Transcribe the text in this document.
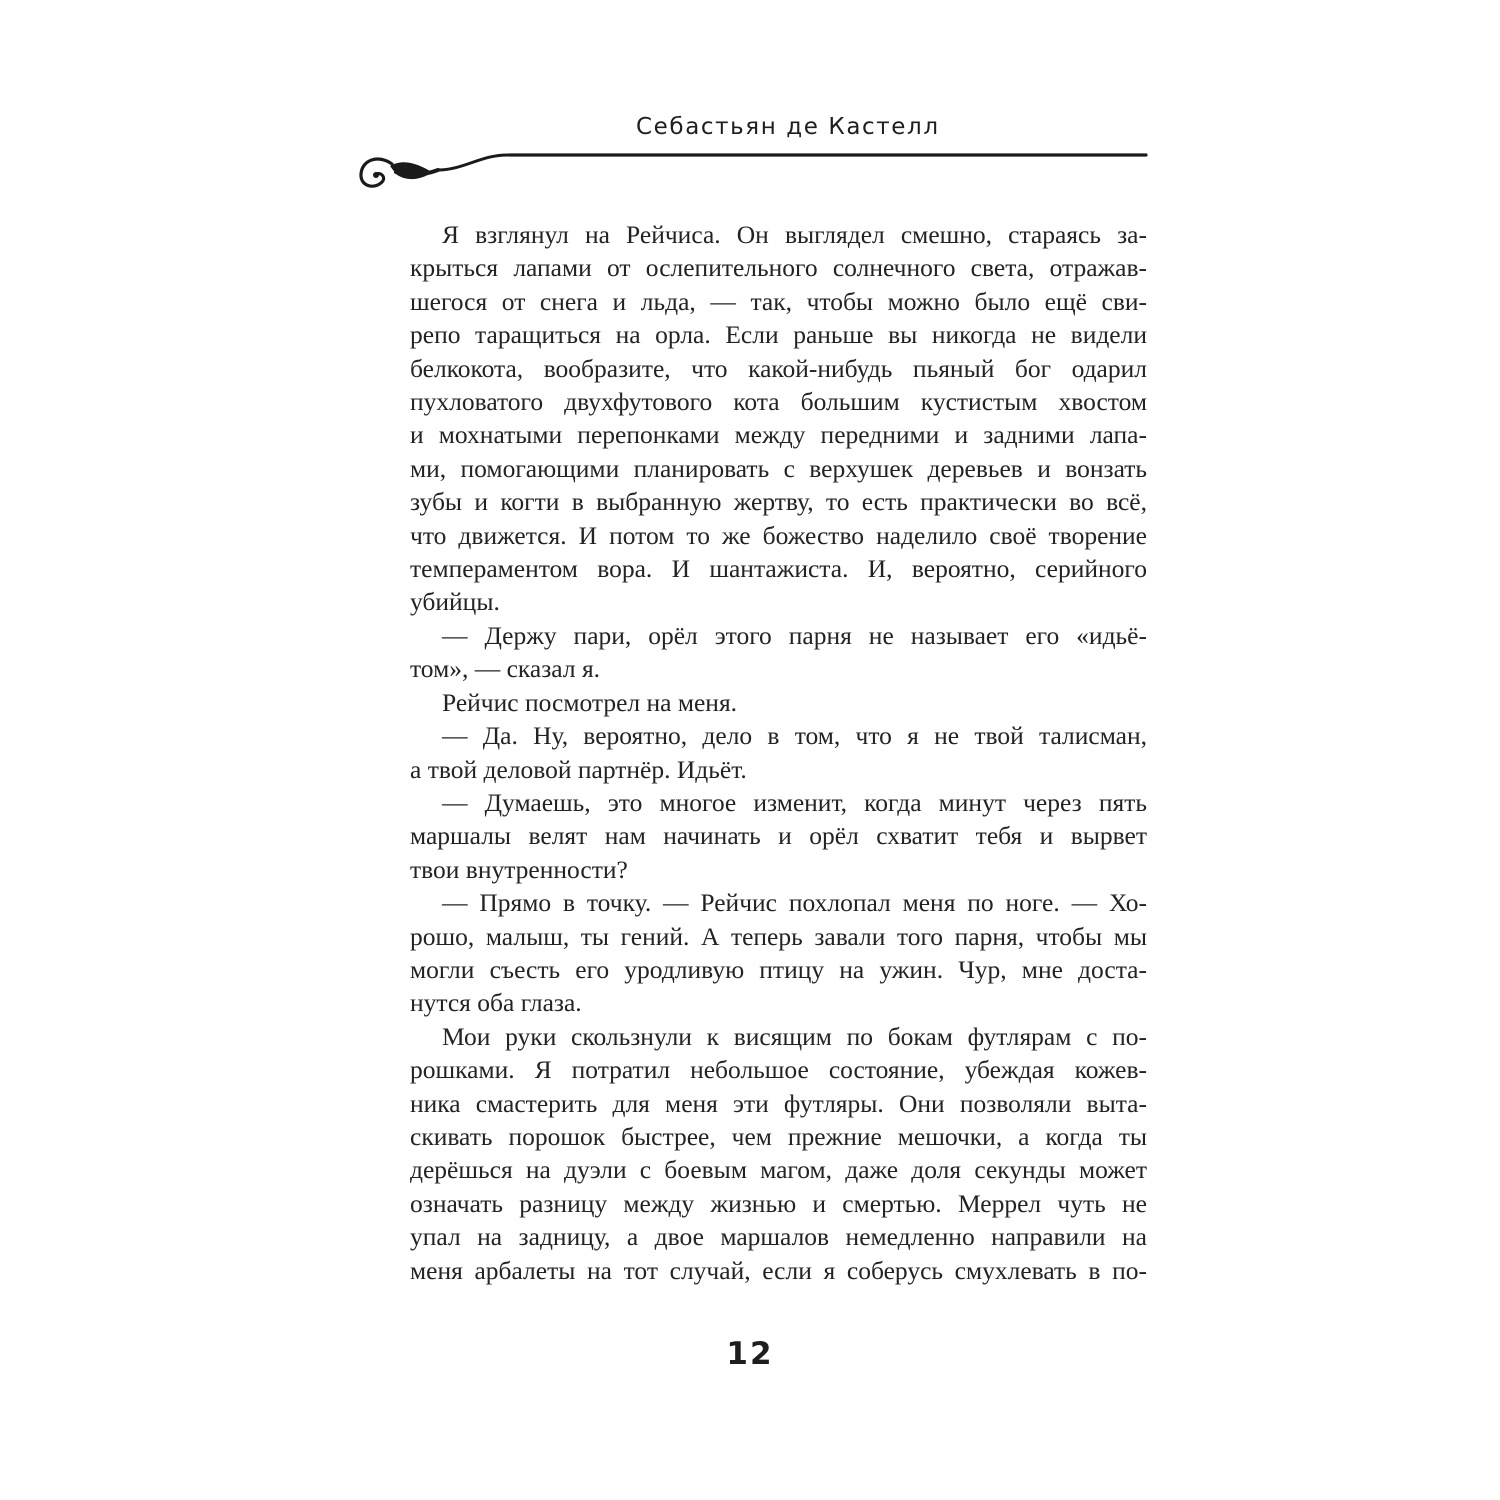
Себастьян де Кастелл
Я взглянул на Рейчиса. Он выглядел смешно, стараясь за-
крыться лапами от ослепительного солнечного света, отражав-
шегося от снега и льда, — так, чтобы можно было ещё сви-
репо таращиться на орла. Если раньше вы никогда не видели
белкокота, вообразите, что какой-нибудь пьяный бог одарил
пухловатого двухфутового кота большим кустистым хвостом
и мохнатыми перепонками между передними и задними лапа-
ми, помогающими планировать с верхушек деревьев и вонзать
зубы и когти в выбранную жертву, то есть практически во всё,
что движется. И потом то же божество наделило своё творение
темпераментом вора. И шантажиста. И, вероятно, серийного
убийцы.
— Держу пари, орёл этого парня не называет его «идьё-
том», — сказал я.
Рейчис посмотрел на меня.
— Да. Ну, вероятно, дело в том, что я не твой талисман,
а твой деловой партнёр. Идьёт.
— Думаешь, это многое изменит, когда минут через пять
маршалы велят нам начинать и орёл схватит тебя и вырвет
твои внутренности?
— Прямо в точку. — Рейчис похлопал меня по ноге. — Хо-
рошо, малыш, ты гений. А теперь завали того парня, чтобы мы
могли съесть его уродливую птицу на ужин. Чур, мне доста-
нутся оба глаза.
Мои руки скользнули к висящим по бокам футлярам с по-
рошками. Я потратил небольшое состояние, убеждая кожев-
ника смастерить для меня эти футляры. Они позволяли выта-
скивать порошок быстрее, чем прежние мешочки, а когда ты
дерёшься на дуэли с боевым магом, даже доля секунды может
означать разницу между жизнью и смертью. Меррел чуть не
упал на задницу, а двое маршалов немедленно направили на
меня арбалеты на тот случай, если я соберусь смухлевать в по-
12
